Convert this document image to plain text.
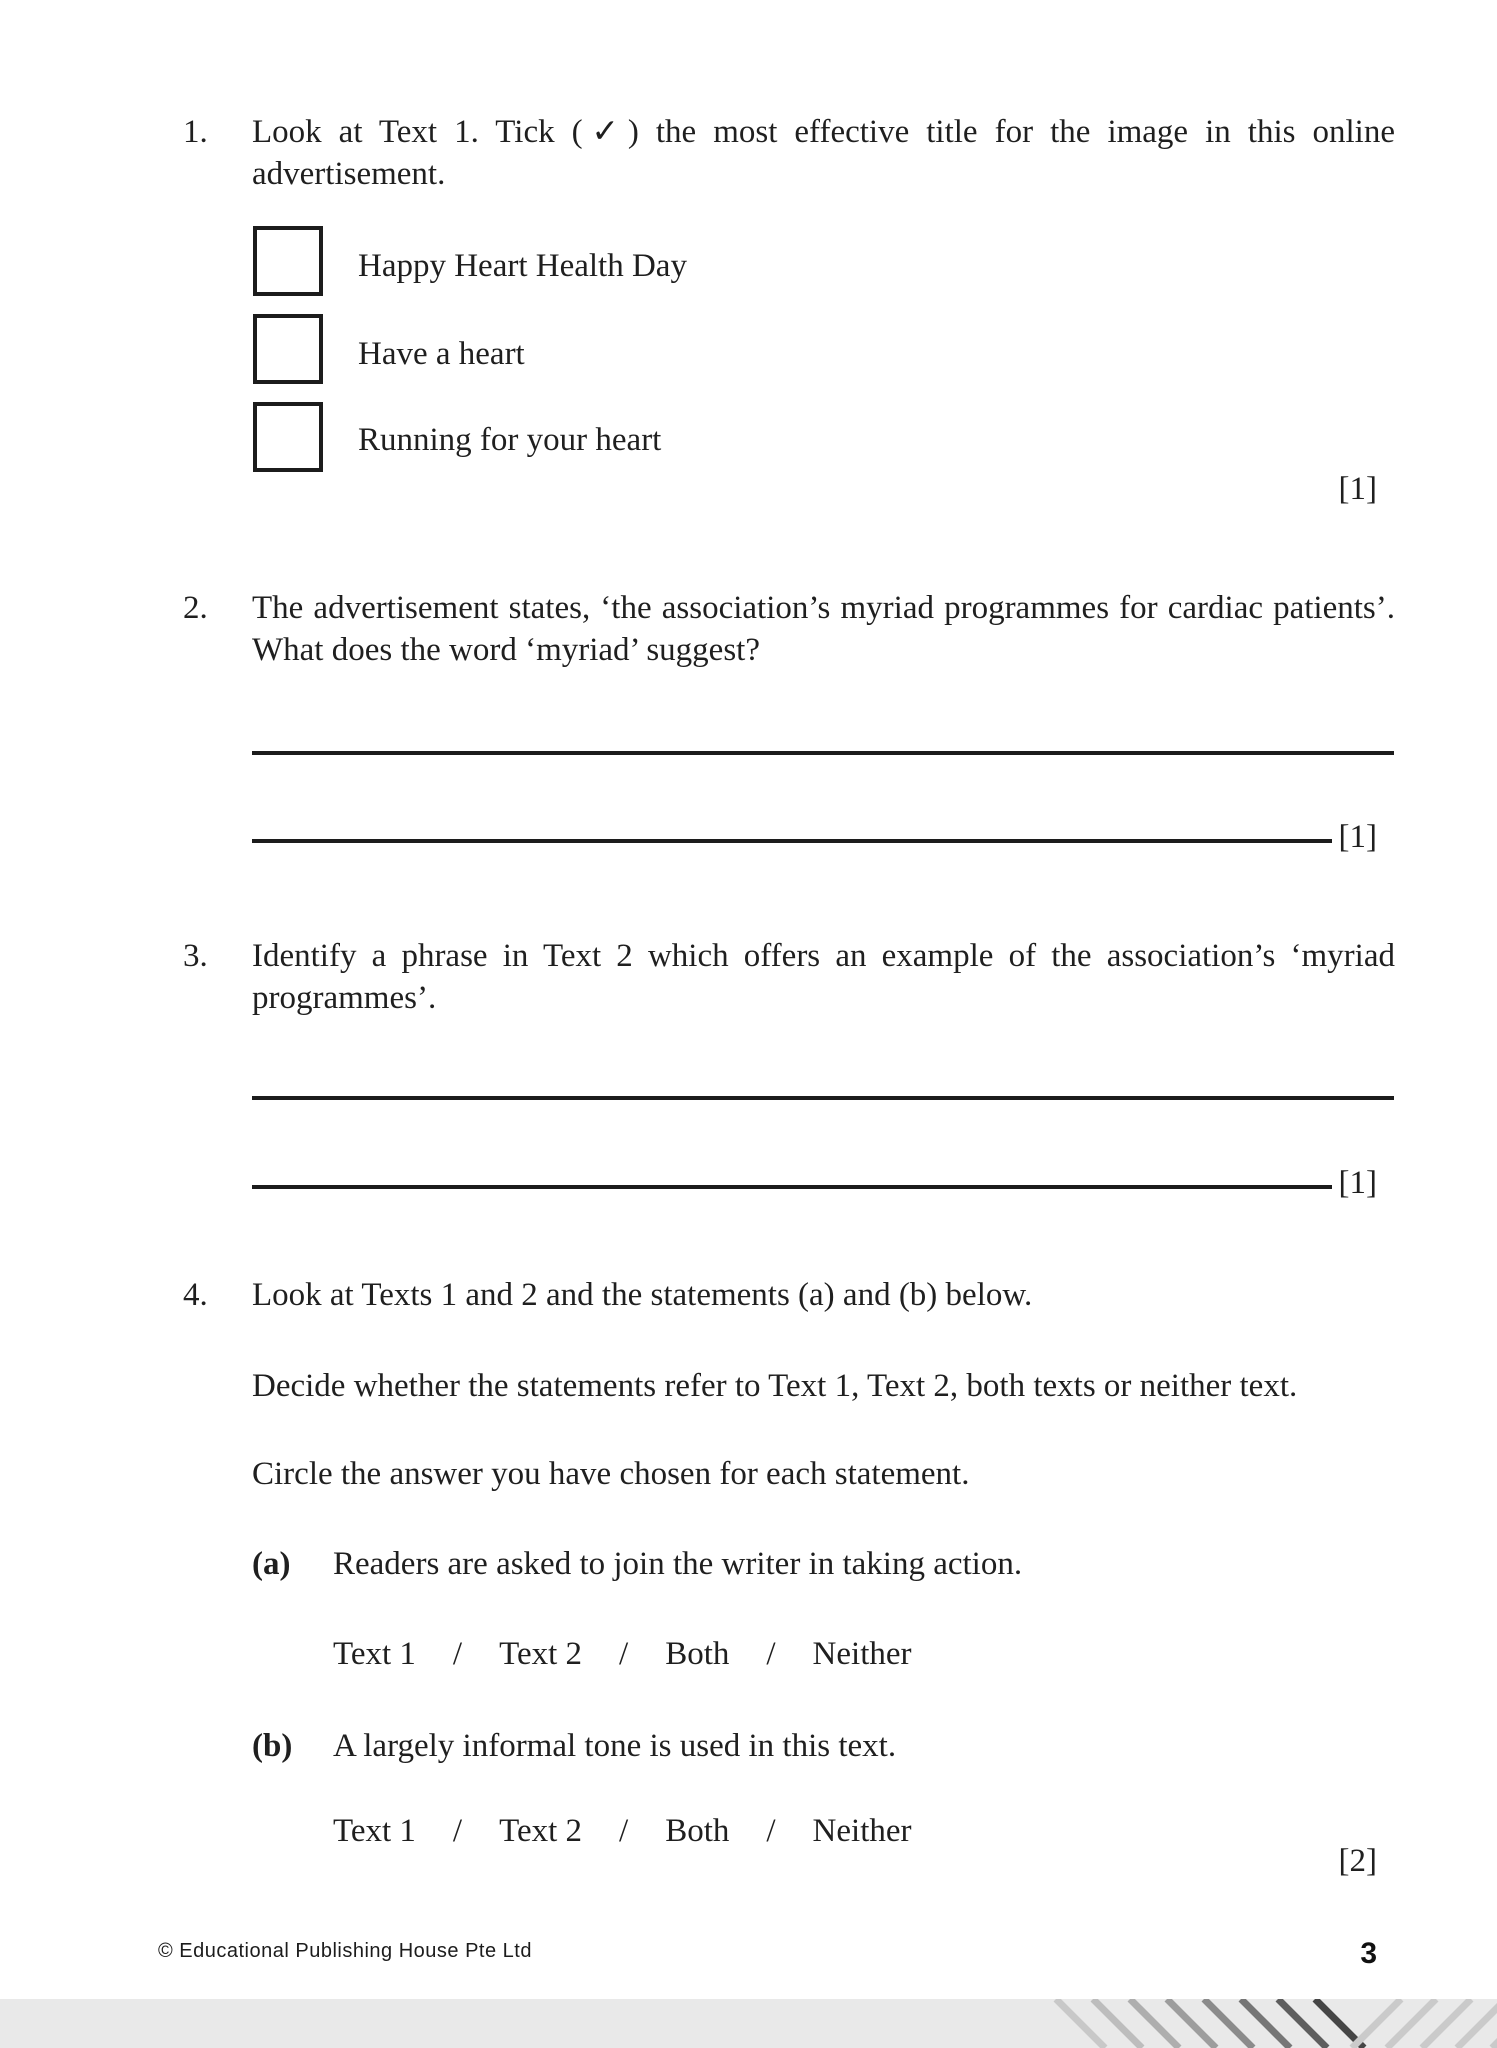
1. Look at Text 1. Tick (✓) the most effective title for the image in this online
advertisement.
Happy Heart Health Day
Have a heart
Running for your heart
[1]
2. The advertisement states, ‘the association’s myriad programmes for cardiac patients’.
What does the word ‘myriad’ suggest?
[1]
3. Identify a phrase in Text 2 which offers an example of the association’s ‘myriad
programmes’.
[1]
4. Look at Texts 1 and 2 and the statements (a) and (b) below.
Decide whether the statements refer to Text 1, Text 2, both texts or neither text.
Circle the answer you have chosen for each statement.
(a) Readers are asked to join the writer in taking action.
Text 1 / Text 2 / Both / Neither
(b) A largely informal tone is used in this text.
Text 1 / Text 2 / Both / Neither
[2]
© Educational Publishing House Pte Ltd	3
